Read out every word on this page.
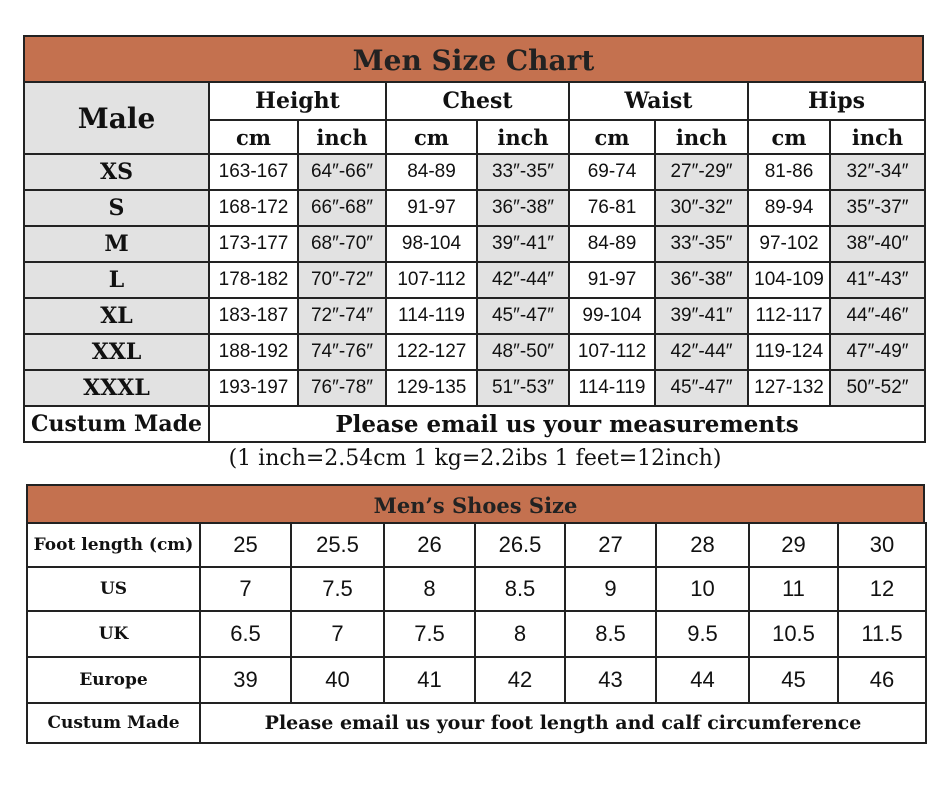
Men Size Chart
Male	Height		Chest		Waist		Hips	
	cm	inch	cm	inch	cm	inch	cm	inch
XS	163-167	64″-66″	84-89	33″-35″	69-74	27″-29″	81-86	32″-34″
S	168-172	66″-68″	91-97	36″-38″	76-81	30″-32″	89-94	35″-37″
M	173-177	68″-70″	98-104	39″-41″	84-89	33″-35″	97-102	38″-40″
L	178-182	70″-72″	107-112	42″-44″	91-97	36″-38″	104-109	41″-43″
XL	183-187	72″-74″	114-119	45″-47″	99-104	39″-41″	112-117	44″-46″
XXL	188-192	74″-76″	122-127	48″-50″	107-112	42″-44″	119-124	47″-49″
XXXL	193-197	76″-78″	129-135	51″-53″	114-119	45″-47″	127-132	50″-52″
Custum Made	Please email us your measurements							
(1 inch=2.54cm 1 kg=2.2ibs 1 feet=12inch)
Men’s Shoes Size
Foot length (cm)	25	25.5	26	26.5	27	28	29	30
US	7	7.5	8	8.5	9	10	11	12
UK	6.5	7	7.5	8	8.5	9.5	10.5	11.5
Europe	39	40	41	42	43	44	45	46
Custum Made	Please email us your foot length and calf circumference							
